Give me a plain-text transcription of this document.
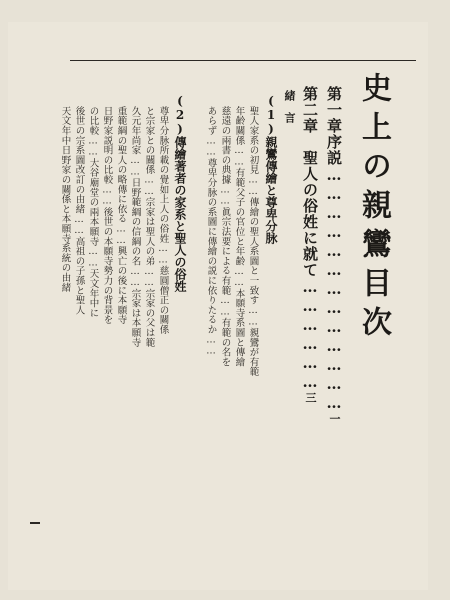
史上の親鸞目次
第一章序説…………………………………一
第二章　聖人の俗姓に就て………………三
緒　言
(1)親鸞傳繪と尊卑分脉
聖人家系の初見……傳繪の聖人系圖と一致す……親鸞が有範
年齢關係……有範父子の官位と年齢……本願寺系圖と傳繪
慈遠の兩書の典據……眞宗法要による有範……有範の名を
あらず……尊卑分脉の系圖に傳繪の説に依りたるか……
(2)傳繪著者の家系と聖人の俗姓
尊卑分脉所載の覺如上人の俗姓……慈圓僧正の關係
と宗家との關係……宗家は聖人の弟……宗家の父は範
久元年尚家……日野範綱の信綱の名……宗家は本願寺
重範綱の聖人の略傳に依る……興亡の後に本願寺
日野家説明の比較……後世の本願寺勢力の背景を
の比較……大谷廟堂の兩本願寺……天文年中に
後世の宗系圖改訂の由緒……高祖の子孫と聖人
天文年中日野家の關係と本願寺系統の由緒
